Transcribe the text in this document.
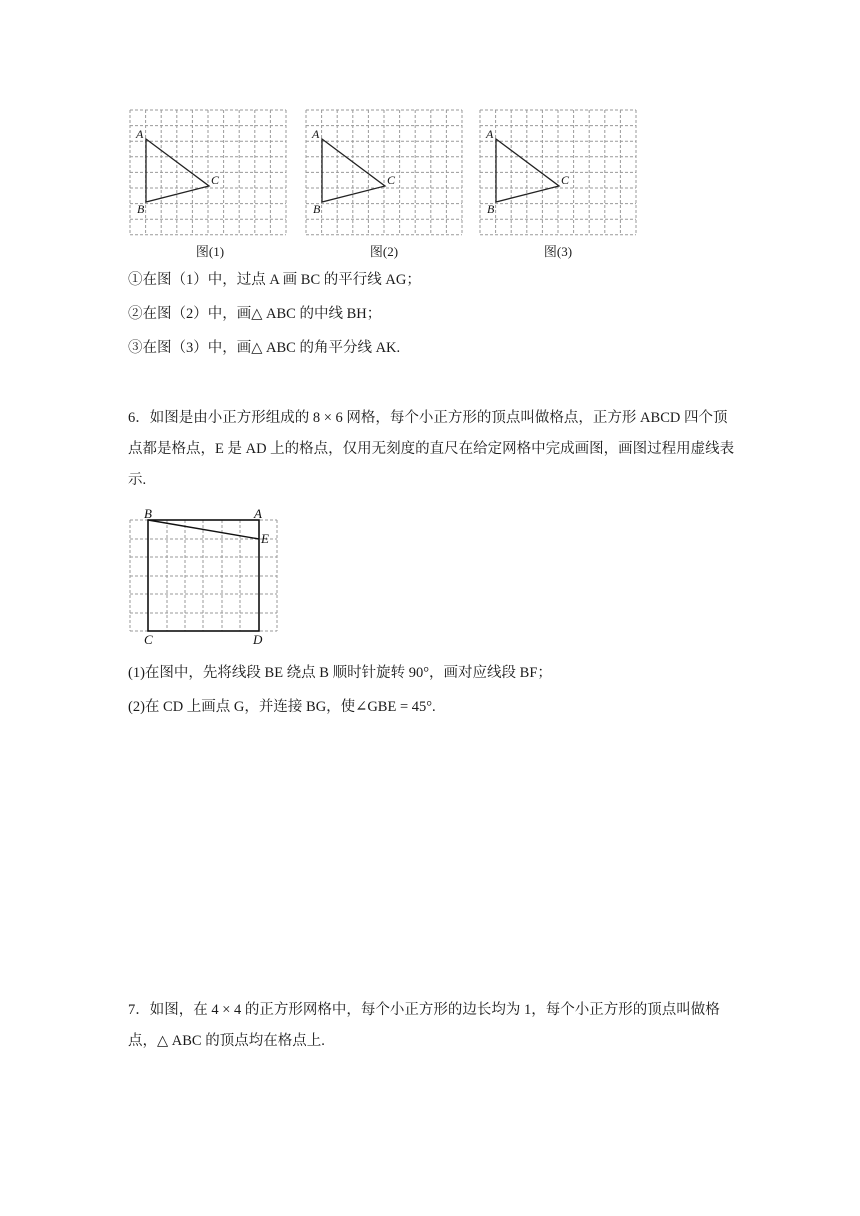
A
B
C
图(1)
A
B
C
图(2)
A
B
C
图(3)
①在图（1）中，过点 A 画 BC 的平行线 AG；
②在图（2）中，画△ ABC 的中线 BH；
③在图（3）中，画△ ABC 的角平分线 AK.
6．如图是由小正方形组成的 8 × 6 网格，每个小正方形的顶点叫做格点，正方形 ABCD 四个顶点都是格点，E 是 AD 上的格点，仅用无刻度的直尺在给定网格中完成画图，画图过程用虚线表示.
B	A
E
C	D
(1)在图中，先将线段 BE 绕点 B 顺时针旋转 90°，画对应线段 BF；
(2)在 CD 上画点 G，并连接 BG，使∠GBE = 45°.
7．如图，在 4 × 4 的正方形网格中，每个小正方形的边长均为 1，每个小正方形的顶点叫做格点，△ ABC 的顶点均在格点上.
